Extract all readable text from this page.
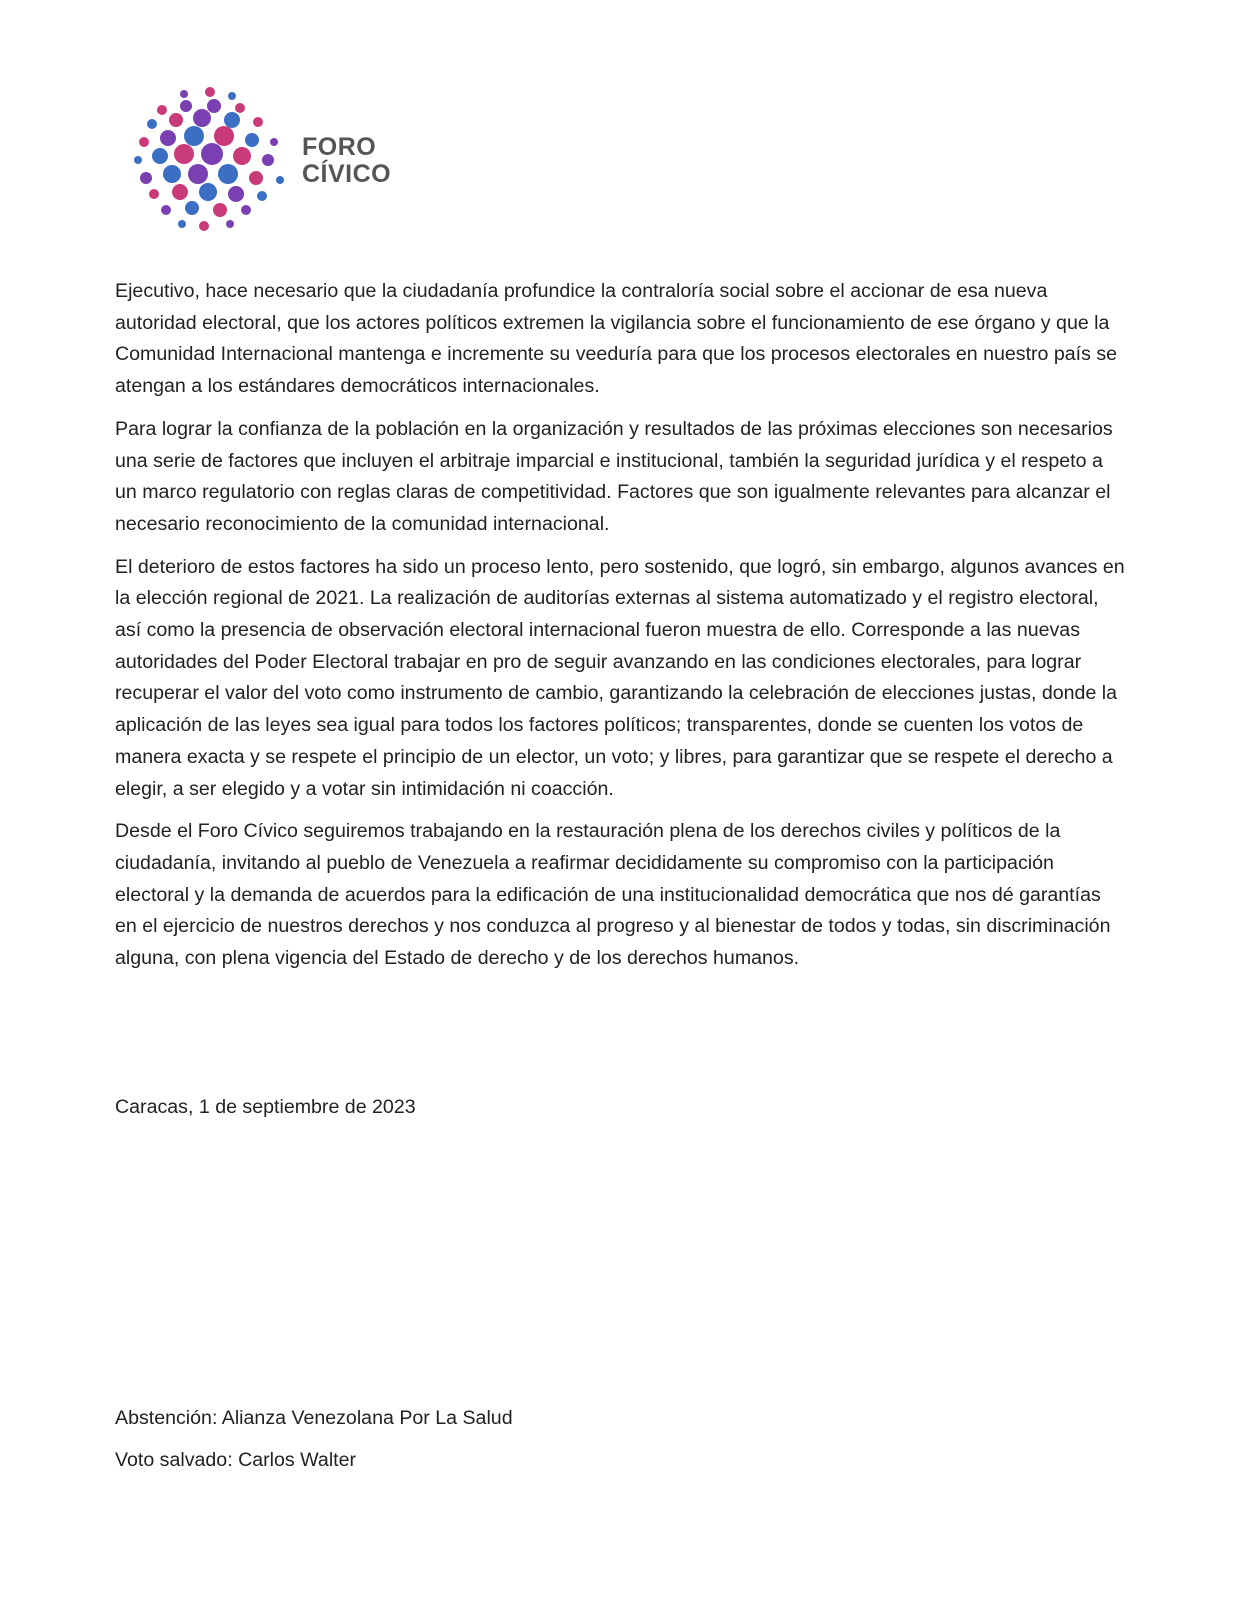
FORO
CÍVICO

Ejecutivo, hace necesario que la ciudadanía profundice la contraloría social sobre el accionar de esa nueva autoridad electoral, que los actores políticos extremen la vigilancia sobre el funcionamiento de ese órgano y que la Comunidad Internacional mantenga e incremente su veeduría para que los procesos electorales en nuestro país se atengan a los estándares democráticos internacionales.

Para lograr la confianza de la población en la organización y resultados de las próximas elecciones son necesarios una serie de factores que incluyen el arbitraje imparcial e institucional, también la seguridad jurídica y el respeto a un marco regulatorio con reglas claras de competitividad. Factores que son igualmente relevantes para alcanzar el necesario reconocimiento de la comunidad internacional.

El deterioro de estos factores ha sido un proceso lento, pero sostenido, que logró, sin embargo, algunos avances en la elección regional de 2021. La realización de auditorías externas al sistema automatizado y el registro electoral, así como la presencia de observación electoral internacional fueron muestra de ello. Corresponde a las nuevas autoridades del Poder Electoral trabajar en pro de seguir avanzando en las condiciones electorales, para lograr recuperar el valor del voto como instrumento de cambio, garantizando la celebración de elecciones justas, donde la aplicación de las leyes sea igual para todos los factores políticos; transparentes, donde se cuenten los votos de manera exacta y se respete el principio de un elector, un voto; y libres, para garantizar que se respete el derecho a elegir, a ser elegido y a votar sin intimidación ni coacción.

Desde el Foro Cívico seguiremos trabajando en la restauración plena de los derechos civiles y políticos de la ciudadanía, invitando al pueblo de Venezuela a reafirmar decididamente su compromiso con la participación electoral y la demanda de acuerdos para la edificación de una institucionalidad democrática que nos dé garantías en el ejercicio de nuestros derechos y nos conduzca al progreso y al bienestar de todos y todas, sin discriminación alguna, con plena vigencia del Estado de derecho y de los derechos humanos.

Caracas, 1 de septiembre de 2023

Abstención: Alianza Venezolana Por La Salud

Voto salvado: Carlos Walter
